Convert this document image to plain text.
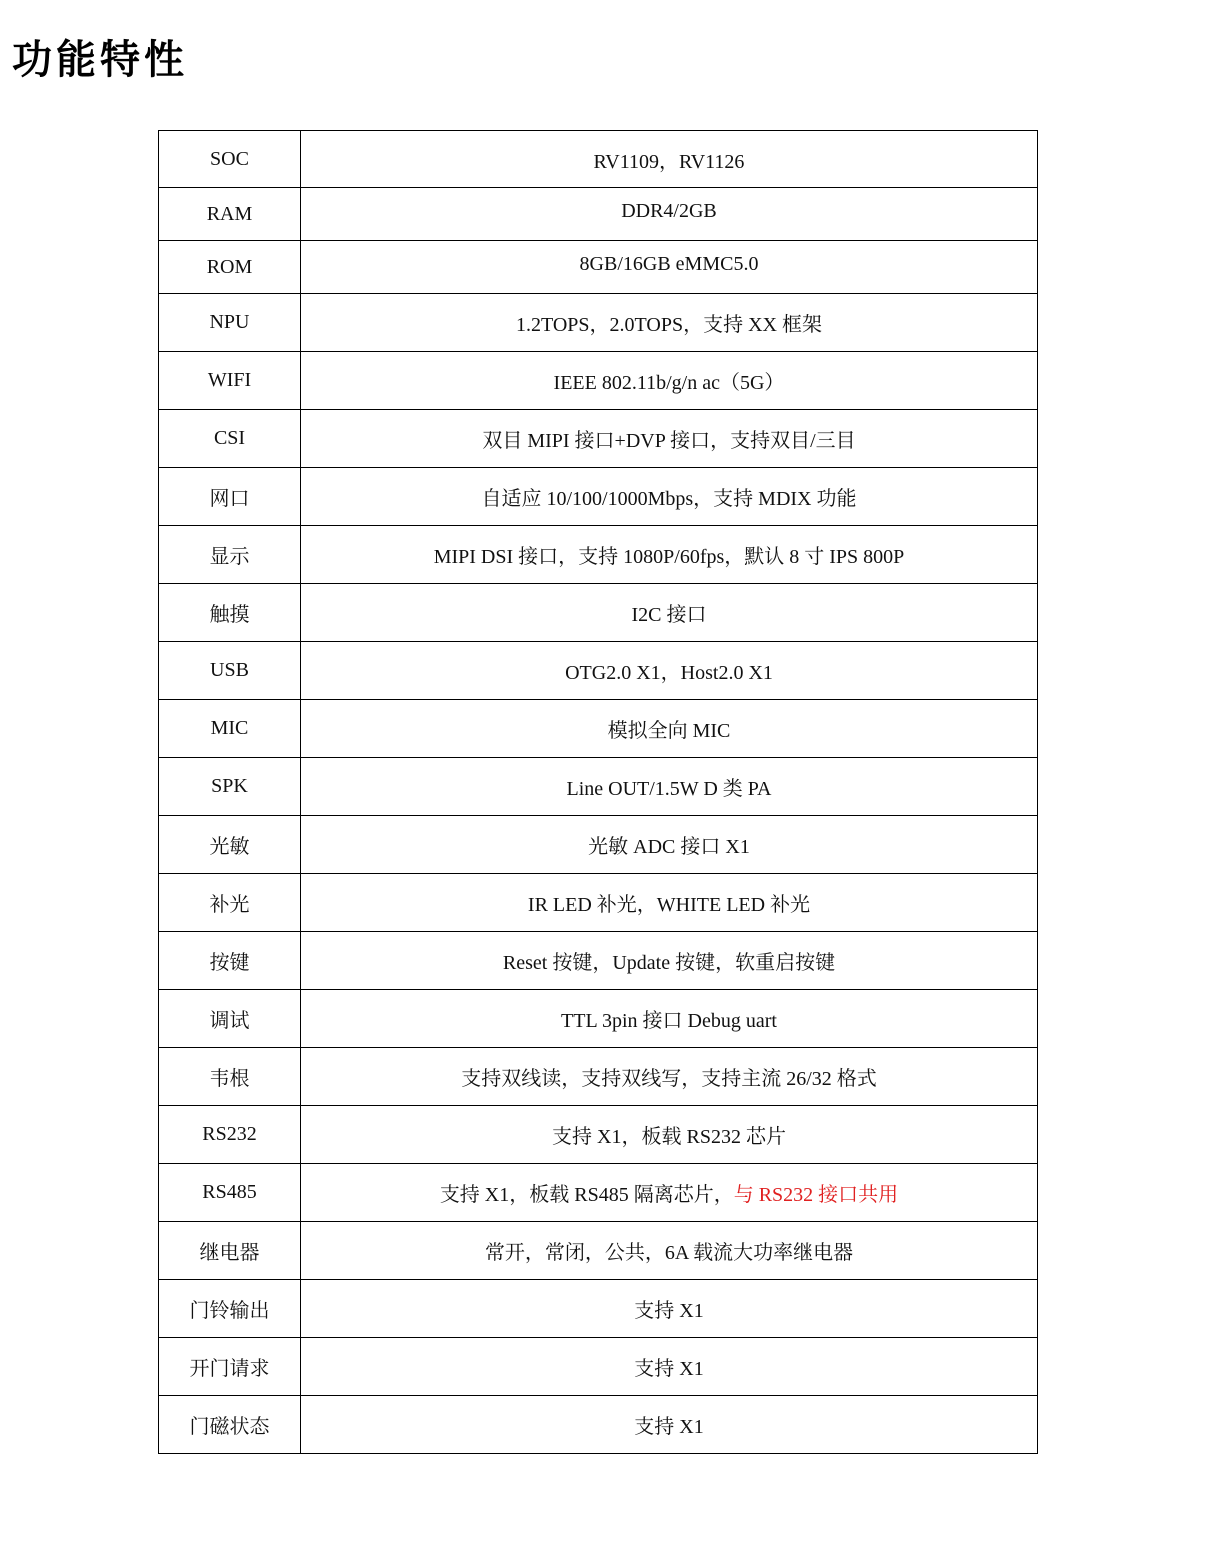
功能特性
SOC	RV1109，RV1126
RAM	DDR4/2GB
ROM	8GB/16GB eMMC5.0
NPU	1.2TOPS，2.0TOPS，支持 XX 框架
WIFI	IEEE 802.11b/g/n ac（5G）
CSI	双目 MIPI 接口+DVP 接口，支持双目/三目
网口	自适应 10/100/1000Mbps，支持 MDIX 功能
显示	MIPI DSI 接口，支持 1080P/60fps，默认 8 寸 IPS 800P
触摸	I2C 接口
USB	OTG2.0 X1，Host2.0 X1
MIC	模拟全向 MIC
SPK	Line OUT/1.5W D 类 PA
光敏	光敏 ADC 接口 X1
补光	IR LED 补光，WHITE LED 补光
按键	Reset 按键，Update 按键，软重启按键
调试	TTL 3pin 接口 Debug uart
韦根	支持双线读，支持双线写，支持主流 26/32 格式
RS232	支持 X1，板载 RS232 芯片
RS485	支持 X1，板载 RS485 隔离芯片，与 RS232 接口共用
继电器	常开，常闭，公共，6A 载流大功率继电器
门铃输出	支持 X1
开门请求	支持 X1
门磁状态	支持 X1
